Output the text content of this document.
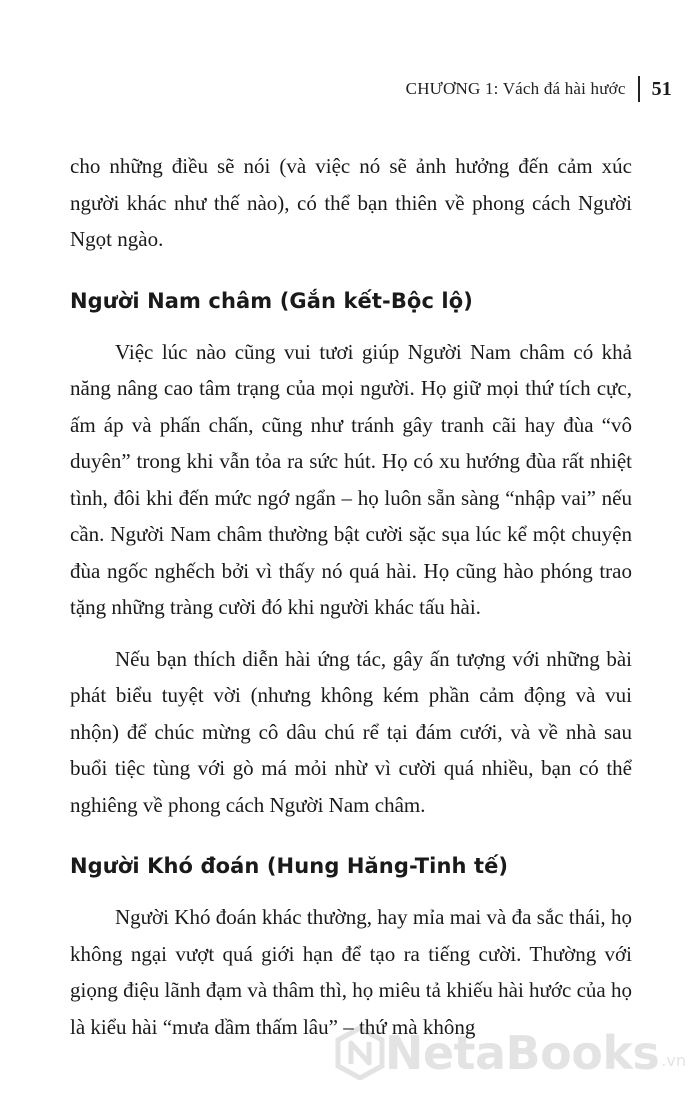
CHƯƠNG 1: Vách đá hài hước 51

cho những điều sẽ nói (và việc nó sẽ ảnh hưởng đến cảm xúc người khác như thế nào), có thể bạn thiên về phong cách Người Ngọt ngào.

Người Nam châm (Gắn kết-Bộc lộ)

Việc lúc nào cũng vui tươi giúp Người Nam châm có khả năng nâng cao tâm trạng của mọi người. Họ giữ mọi thứ tích cực, ấm áp và phấn chấn, cũng như tránh gây tranh cãi hay đùa “vô duyên” trong khi vẫn tỏa ra sức hút. Họ có xu hướng đùa rất nhiệt tình, đôi khi đến mức ngớ ngẩn – họ luôn sẵn sàng “nhập vai” nếu cần. Người Nam châm thường bật cười sặc sụa lúc kể một chuyện đùa ngốc nghếch bởi vì thấy nó quá hài. Họ cũng hào phóng trao tặng những tràng cười đó khi người khác tấu hài.

Nếu bạn thích diễn hài ứng tác, gây ấn tượng với những bài phát biểu tuyệt vời (nhưng không kém phần cảm động và vui nhộn) để chúc mừng cô dâu chú rể tại đám cưới, và về nhà sau buổi tiệc tùng với gò má mỏi nhừ vì cười quá nhiều, bạn có thể nghiêng về phong cách Người Nam châm.

Người Khó đoán (Hung Hăng-Tinh tế)

Người Khó đoán khác thường, hay mỉa mai và đa sắc thái, họ không ngại vượt quá giới hạn để tạo ra tiếng cười. Thường với giọng điệu lãnh đạm và thâm thì, họ miêu tả khiếu hài hước của họ là kiểu hài “mưa dầm thấm lâu” – thứ mà không

NetaBooks .vn
